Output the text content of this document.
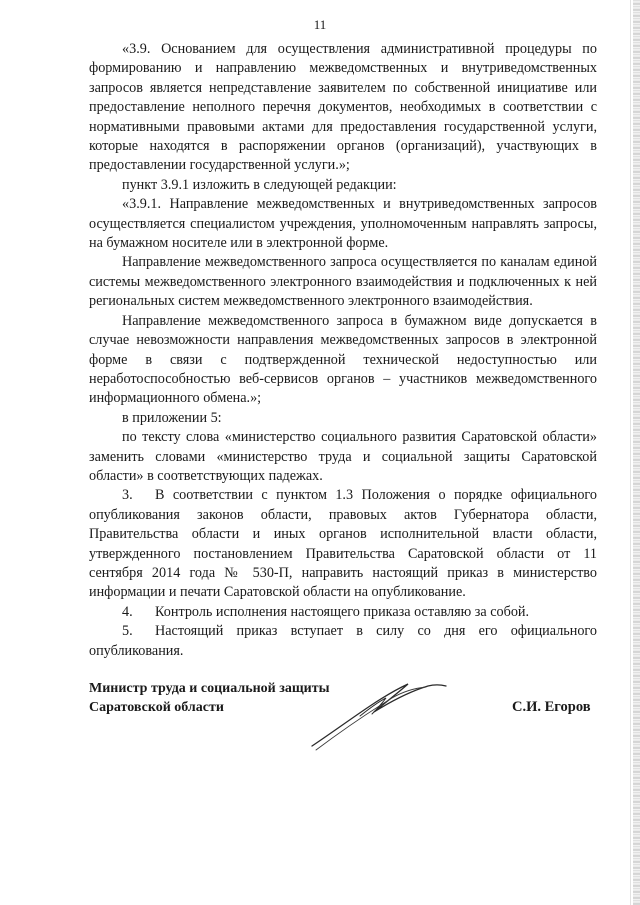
11

«3.9. Основанием для осуществления административной процедуры по формированию и направлению межведомственных и внутриведомственных запросов является непредставление заявителем по собственной инициативе или предоставление неполного перечня документов, необходимых в соответствии с нормативными правовыми актами для предоставления государственной услуги, которые находятся в распоряжении органов (организаций), участвующих в предоставлении государственной услуги.»;

пункт 3.9.1 изложить в следующей редакции:

«3.9.1. Направление межведомственных и внутриведомственных запросов осуществляется специалистом учреждения, уполномоченным направлять запросы, на бумажном носителе или в электронной форме.

Направление межведомственного запроса осуществляется по каналам единой системы межведомственного электронного взаимодействия и подключенных к ней региональных систем межведомственного электронного взаимодействия.

Направление межведомственного запроса в бумажном виде допускается в случае невозможности направления межведомственных запросов в электронной форме в связи с подтвержденной технической недоступностью или неработоспособностью веб-сервисов органов – участников межведомственного информационного обмена.»;

в приложении 5:

по тексту слова «министерство социального развития Саратовской области» заменить словами «министерство труда и социальной защиты Саратовской области» в соответствующих падежах.

3. В соответствии с пунктом 1.3 Положения о порядке официального опубликования законов области, правовых актов Губернатора области, Правительства области и иных органов исполнительной власти области, утвержденного постановлением Правительства Саратовской области от 11 сентября 2014 года № 530-П, направить настоящий приказ в министерство информации и печати Саратовской области на опубликование.

4. Контроль исполнения настоящего приказа оставляю за собой.

5. Настоящий приказ вступает в силу со дня его официального опубликования.

Министр труда и социальной защиты
Саратовской области	С.И. Егоров
